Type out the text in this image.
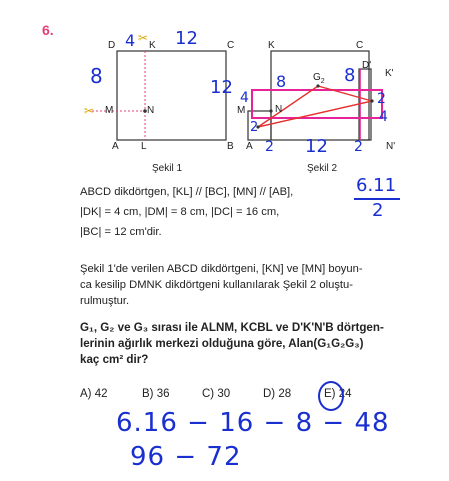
6.	✂
✂
D	K	C
M	N
A L	B
Şekil 1
K	C
D'
K'
$G_2$
M	N
A	N'
Şekil 2
4 12
8	12	8	8
4
2
2
4
12
2	2
6.11
2
ABCD dikdörtgen, [KL] // [BC], [MN] // [AB],
|DK| = 4 cm, |DM| = 8 cm, |DC| = 16 cm,
|BC| = 12 cm'dir.
Şekil 1'de verilen ABCD dikdörtgeni, [KN] ve [MN] boyun-
ca kesilip DMNK dikdörtgeni kullanılarak Şekil 2 oluştu-
rulmuştur.
G₁, G₂ ve G₃ sırası ile ALNM, KCBL ve D'K'N'B dörtgen-
lerinin ağırlık merkezi olduğuna göre, Alan(G₁G₂G₃)
kaç cm² dir?
A) 42	B) 36	C) 30	D) 28	E) 24
6.16 − 16 − 8 − 48
96 − 72
